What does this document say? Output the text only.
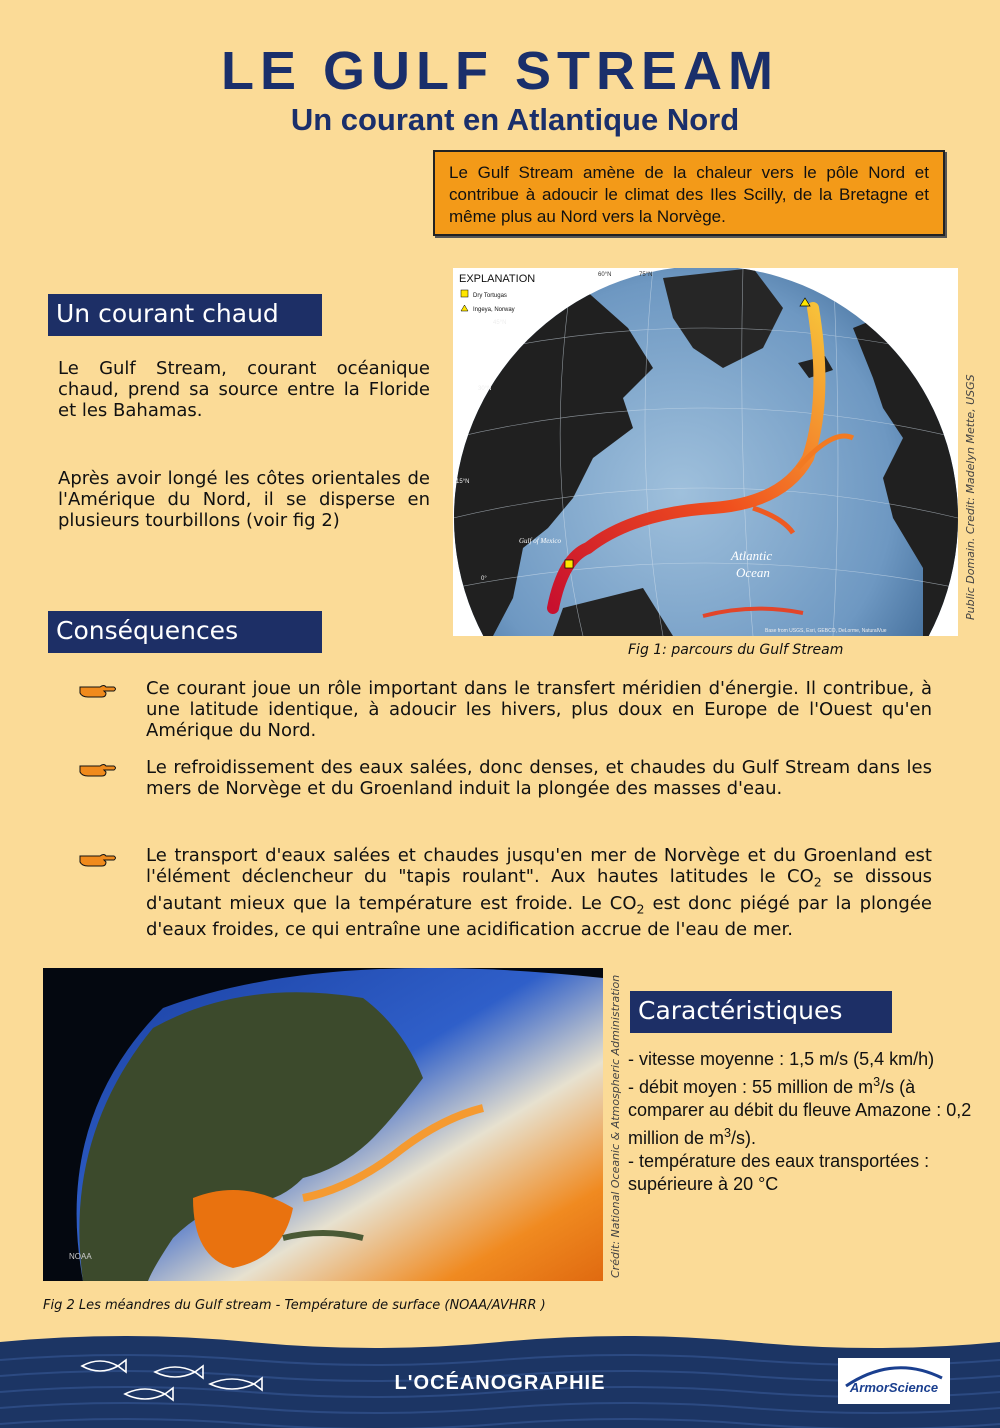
LE GULF STREAM
Un courant en Atlantique Nord
Le Gulf Stream amène de la chaleur vers le pôle Nord et contribue à adoucir le climat des Iles Scilly, de la Bretagne et même plus au Nord vers la Norvège.
Un courant chaud
Le Gulf Stream, courant océanique chaud, prend sa source entre la Floride et les Bahamas.
Après avoir longé les côtes orientales de l'Amérique du Nord, il se disperse en plusieurs tourbillons (voir fig 2)
EXPLANATION
Dry Tortugas
Ingeya, Norway
60°N	75°N
45°N
30°N
15°N
0°
Atlantic
Ocean
Gulf of Mexico
Base from USGS, Esri, GEBCO, DeLorme, NaturalVue
Fig 1: parcours du Gulf Stream
Public Domain. Credit: Madelyn Mette, USGS
Conséquences
Ce courant joue un rôle important dans le transfert méridien d'énergie. Il contribue, à une latitude identique, à adoucir les hivers, plus doux en Europe de l'Ouest qu'en Amérique du Nord.
Le refroidissement des eaux salées, donc denses, et chaudes du Gulf Stream dans les mers de Norvège et du Groenland induit la plongée des masses d'eau.
Le transport d'eaux salées et chaudes jusqu'en mer de Norvège et du Groenland est l'élément déclencheur du "tapis roulant". Aux hautes latitudes le $CO_2$ se dissous d'autant mieux que la température est froide. Le $CO_2$ est donc piégé par la plongée d'eaux froides, ce qui entraîne une acidification accrue de l'eau de mer.
NOAA	Crédit: National Oceanic & Atmospheric Administration
Fig 2 Les méandres du Gulf stream - Température de surface (NOAA/AVHRR )
Caractéristiques
- vitesse moyenne : 1,5 m/s (5,4 km/h)
- débit moyen : 55 million de $m^3/s$ (à comparer au débit du fleuve Amazone : 0,2 million de $m^3/s$).
- température des eaux transportées : supérieure à 20 °C
L'OCÉANOGRAPHIE	ArmorScience
